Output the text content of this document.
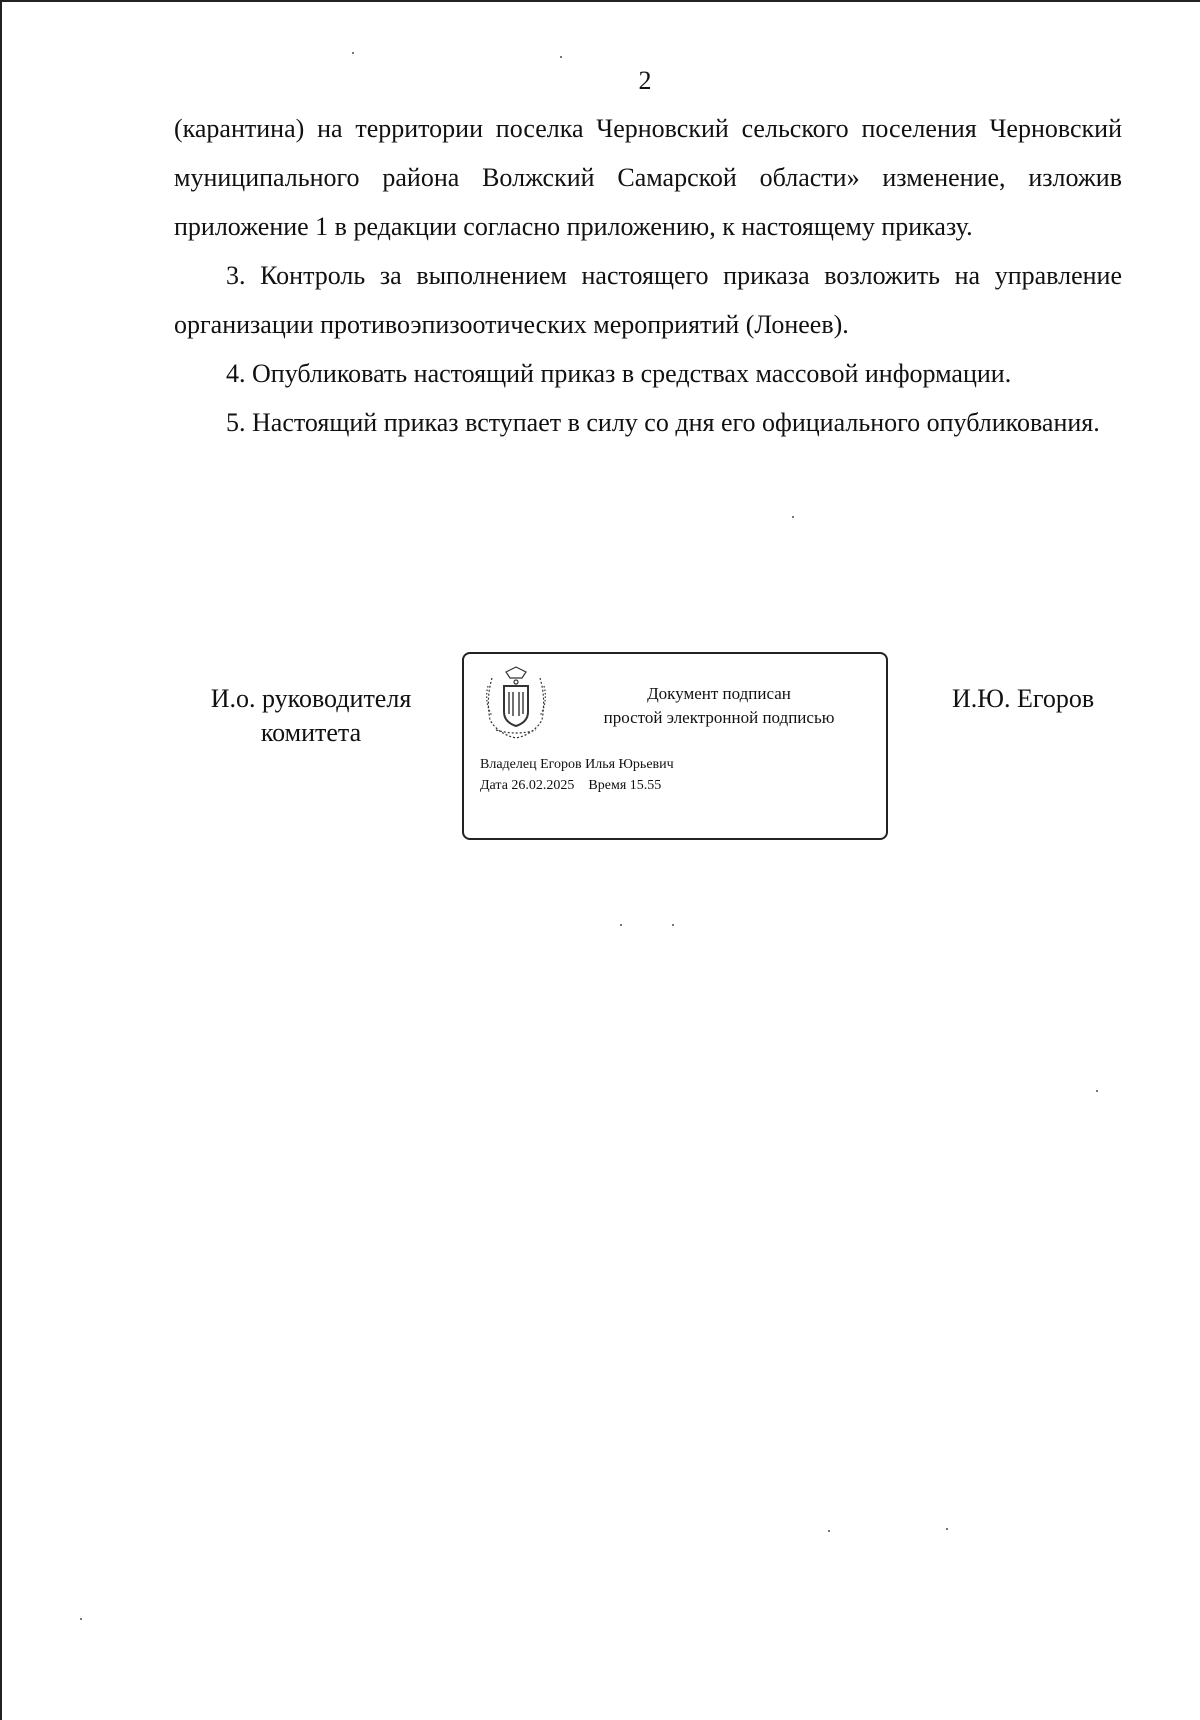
2

(карантина) на территории поселка Черновский сельского поселения Черновский муниципального района Волжский Самарской области» изменение, изложив приложение 1 в редакции согласно приложению, к настоящему приказу.

3. Контроль за выполнением настоящего приказа возложить на управление организации противоэпизоотических мероприятий (Лонеев).

4. Опубликовать настоящий приказ в средствах массовой информации.

5. Настоящий приказ вступает в силу со дня его официального опубликования.

И.о. руководителя
комитета
Документ подписан
простой электронной подписью
Владелец Егоров Илья Юрьевич
Дата 26.02.2025 Время 15.55
И.Ю. Егоров
